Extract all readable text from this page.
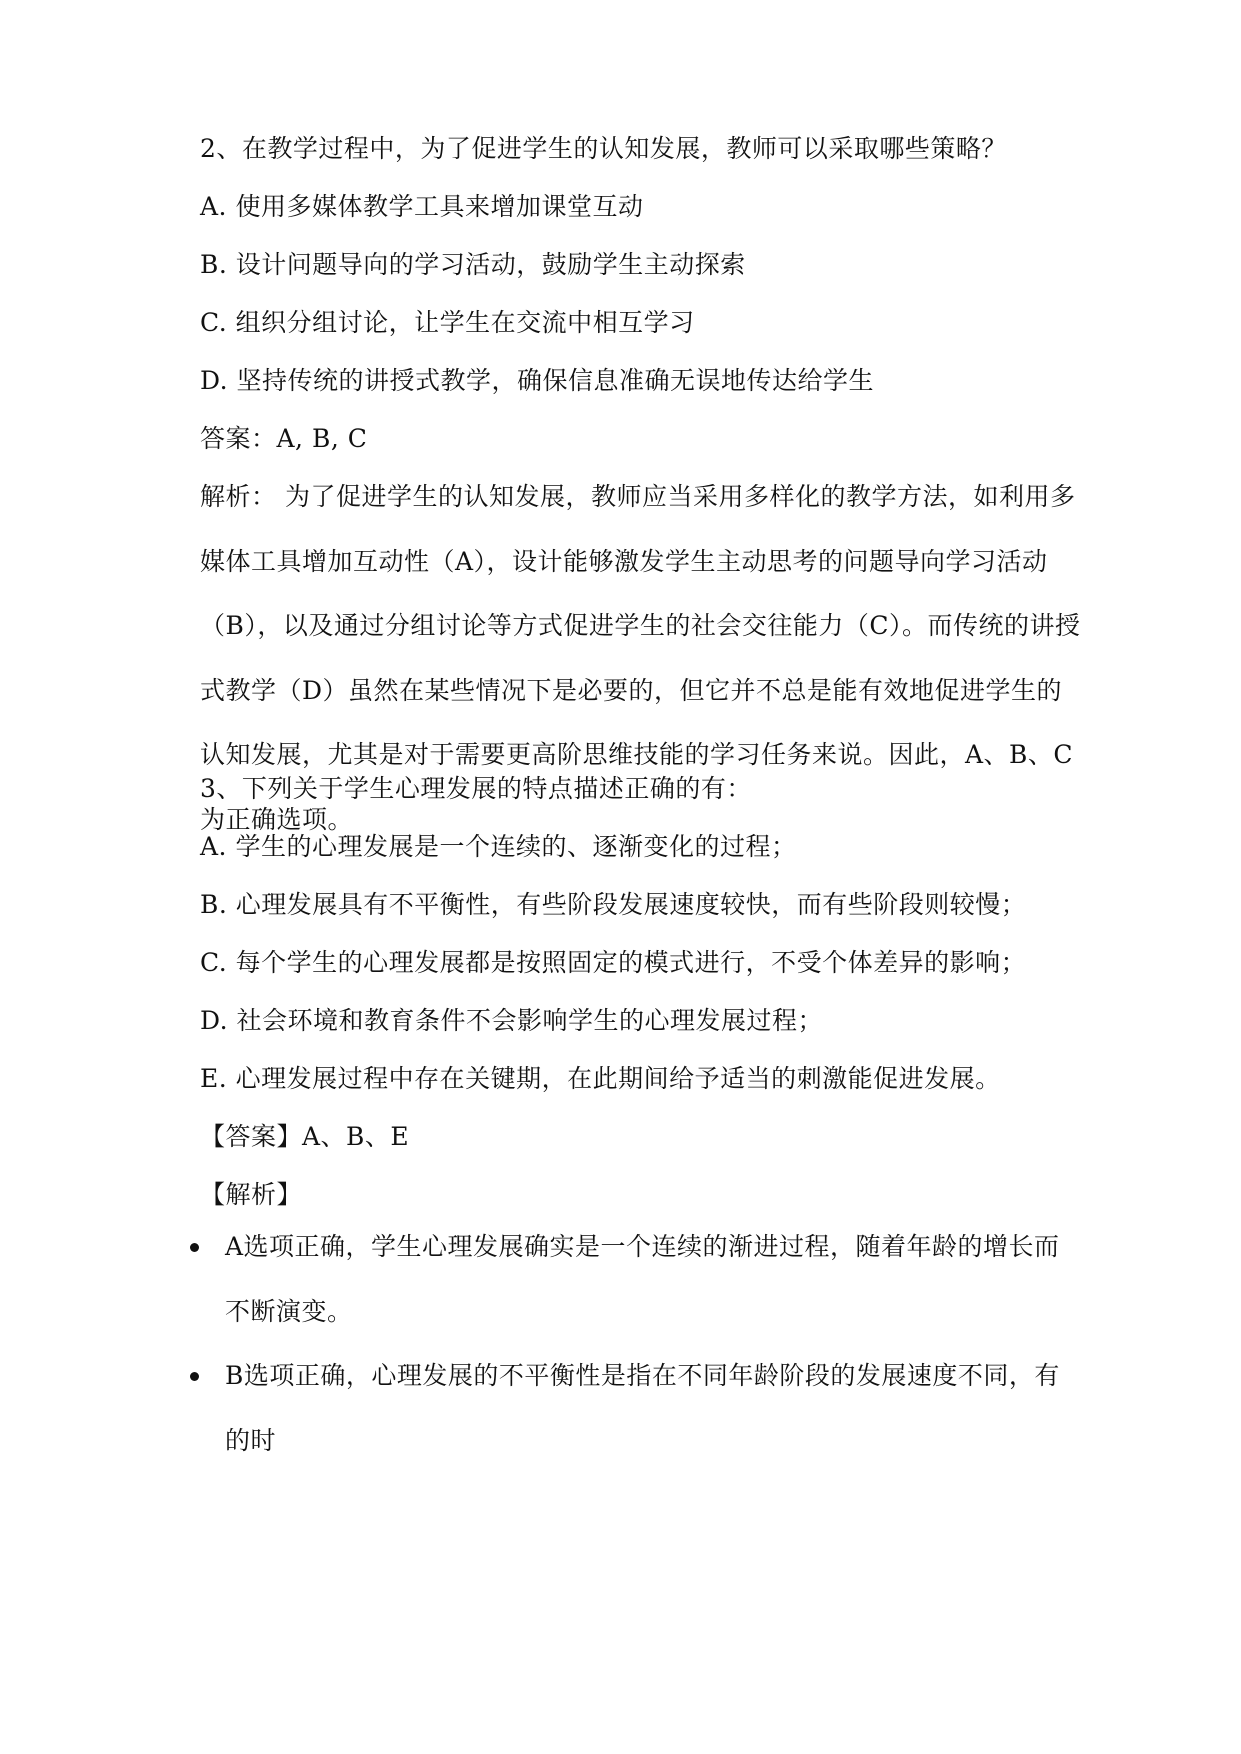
2、在教学过程中，为了促进学生的认知发展，教师可以采取哪些策略？
A. 使用多媒体教学工具来增加课堂互动
B. 设计问题导向的学习活动，鼓励学生主动探索
C. 组织分组讨论，让学生在交流中相互学习
D. 坚持传统的讲授式教学，确保信息准确无误地传达给学生
答案：A, B, C
解析： 为了促进学生的认知发展，教师应当采用多样化的教学方法，如利用多媒体工具增加互动性（A），设计能够激发学生主动思考的问题导向学习活动（B），以及通过分组讨论等方式促进学生的社会交往能力（C）。而传统的讲授式教学（D）虽然在某些情况下是必要的，但它并不总是能有效地促进学生的认知发展，尤其是对于需要更高阶思维技能的学习任务来说。因此，A、B、C为正确选项。
3、下列关于学生心理发展的特点描述正确的有：
A. 学生的心理发展是一个连续的、逐渐变化的过程；
B. 心理发展具有不平衡性，有些阶段发展速度较快，而有些阶段则较慢；
C. 每个学生的心理发展都是按照固定的模式进行，不受个体差异的影响；
D. 社会环境和教育条件不会影响学生的心理发展过程；
E. 心理发展过程中存在关键期，在此期间给予适当的刺激能促进发展。
【答案】A、B、E
【解析】
A选项正确，学生心理发展确实是一个连续的渐进过程，随着年龄的增长而不断演变。
B选项正确，心理发展的不平衡性是指在不同年龄阶段的发展速度不同，有的时
